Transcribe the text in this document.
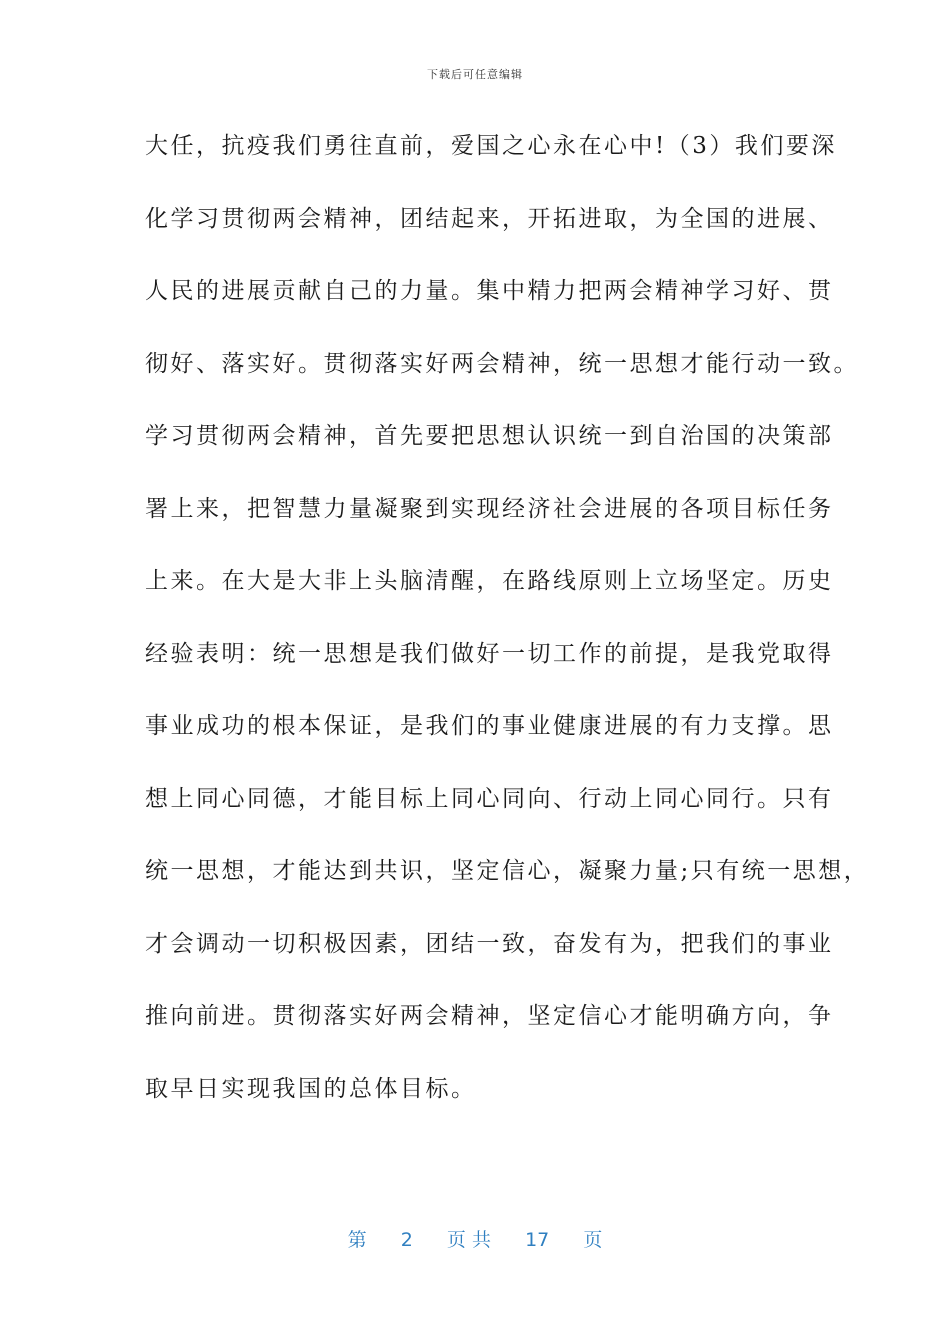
下载后可任意编辑
大任，抗疫我们勇往直前，爱国之心永在心中!（3）我们要深
化学习贯彻两会精神，团结起来，开拓进取，为全国的进展、
人民的进展贡献自己的力量。集中精力把两会精神学习好、贯
彻好、落实好。贯彻落实好两会精神，统一思想才能行动一致。
学习贯彻两会精神，首先要把思想认识统一到自治国的决策部
署上来，把智慧力量凝聚到实现经济社会进展的各项目标任务
上来。在大是大非上头脑清醒，在路线原则上立场坚定。历史
经验表明：统一思想是我们做好一切工作的前提，是我党取得
事业成功的根本保证，是我们的事业健康进展的有力支撑。思
想上同心同德，才能目标上同心同向、行动上同心同行。只有
统一思想，才能达到共识，坚定信心，凝聚力量;只有统一思想，
才会调动一切积极因素，团结一致，奋发有为，把我们的事业
推向前进。贯彻落实好两会精神，坚定信心才能明确方向，争
取早日实现我国的总体目标。
第 2 页 共 17 页
